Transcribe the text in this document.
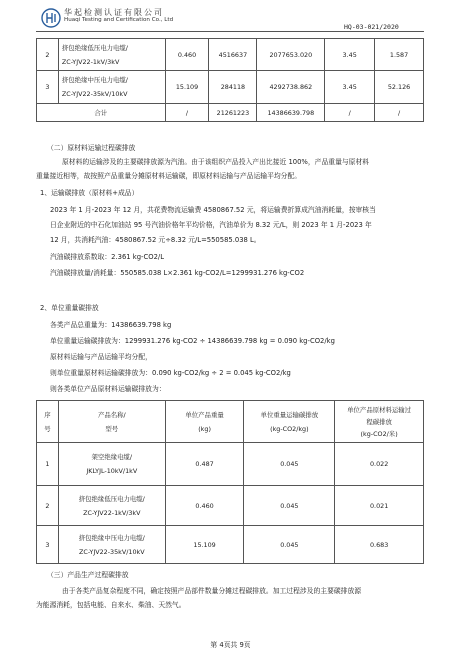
华起检测认证有限公司
Huaqi Testing and Certification Co., Ltd
HQ-03-021/2020
2	挤包绝缘低压电力电缆/
ZC-YJV22-1kV/3kV	0.460	4516637	2077653.020	3.45	1.587
3	挤包绝缘中压电力电缆/
ZC-YJV22-35kV/10kV	15.109	284118	4292738.862	3.45	52.126
合计		/	21261223	14386639.798	/	/
（二）原材料运输过程碳排放
原材料的运输涉及的主要碳排放源为汽油。由于该组织产品投入产出比接近 100%，产品重量与原材料
重量接近相等，故按照产品重量分摊原材料运输碳，即原材料运输与产品运输平均分配。
1、运输碳排放（原材料+成品）
2023 年 1 月-2023 年 12 月，共花费物流运输费 4580867.52 元，将运输费折算成汽油消耗量，按审核当
日企业附近的中石化加油站 95 号汽油价格年平均价格，汽油单价为 8.32 元/L，则 2023 年 1 月-2023 年
12 月，共消耗汽油：4580867.52 元÷8.32 元/L=550585.038 L。
汽油碳排放系数取：2.361 kg-CO2/L
汽油碳排放量/消耗量：550585.038 L×2.361 kg-CO2/L=1299931.276 kg-CO2
2、单位重量碳排放
各类产品总重量为：14386639.798 kg
单位重量运输碳排放为：1299931.276 kg-CO2 ÷ 14386639.798 kg = 0.090 kg-CO2/kg
原材料运输与产品运输平均分配，
则单位重量原材料运输碳排放为：0.090 kg-CO2/kg ÷ 2 = 0.045 kg-CO2/kg
则各类单位产品原材料运输碳排放为：
序
号	产品名称/
型号	单位产品重量
(kg)	单位重量运输碳排放
(kg-CO2/kg)	单位产品原材料运输过
程碳排放
(kg-CO2/米)

1	架空绝缘电缆/
JKLYJL-10kV/1kV	0.487	0.045	0.022
2	挤包绝缘低压电力电缆/
ZC-YJV22-1kV/3kV	0.460	0.045	0.021
3	挤包绝缘中压电力电缆/
ZC-YJV22-35kV/10kV	15.109	0.045	0.683
（三）产品生产过程碳排放
由于各类产品复杂程度不同，确定按照产品部件数量分摊过程碳排放。加工过程涉及的主要碳排放源
为能源消耗，包括电能、自来水、柴油、天然气。
第 4页共 9页
